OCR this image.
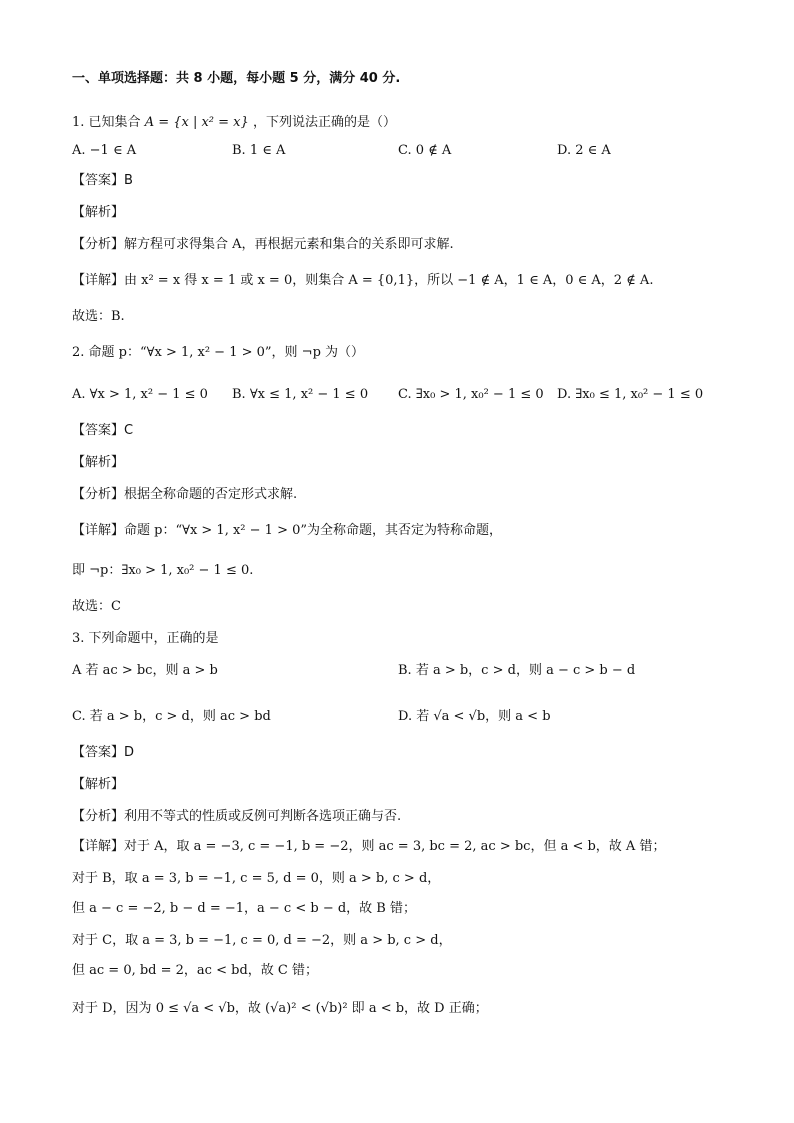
一、单项选择题：共 8 小题，每小题 5 分，满分 40 分.
1. 已知集合 A = {x | x² = x} ，下列说法正确的是（）
A. −1 ∈ A	B. 1 ∈ A	C. 0 ∉ A	D. 2 ∈ A
【答案】B
【解析】
【分析】解方程可求得集合 A，再根据元素和集合的关系即可求解.
【详解】由 x² = x 得 x = 1 或 x = 0，则集合 A = {0,1}，所以 −1 ∉ A，1 ∈ A，0 ∈ A，2 ∉ A.
故选：B.
2. 命题 p：“∀x > 1, x² − 1 > 0”，则 ¬p 为（）
A. ∀x > 1, x² − 1 ≤ 0 B. ∀x ≤ 1, x² − 1 ≤ 0 C. ∃x₀ > 1, x₀² − 1 ≤ 0 D. ∃x₀ ≤ 1, x₀² − 1 ≤ 0
【答案】C
【解析】
【分析】根据全称命题的否定形式求解.
【详解】命题 p：“∀x > 1, x² − 1 > 0”为全称命题，其否定为特称命题，
即 ¬p：∃x₀ > 1, x₀² − 1 ≤ 0.
故选：C
3. 下列命题中，正确的是
A 若 ac > bc，则 a > b	B. 若 a > b，c > d，则 a − c > b − d
C. 若 a > b，c > d，则 ac > bd	D. 若 √a < √b，则 a < b
【答案】D
【解析】
【分析】利用不等式的性质或反例可判断各选项正确与否.
【详解】对于 A，取 a = −3, c = −1, b = −2，则 ac = 3, bc = 2, ac > bc，但 a < b，故 A 错；
对于 B，取 a = 3, b = −1, c = 5, d = 0，则 a > b, c > d，
但 a − c = −2, b − d = −1，a − c < b − d，故 B 错；
对于 C，取 a = 3, b = −1, c = 0, d = −2，则 a > b, c > d，
但 ac = 0, bd = 2，ac < bd，故 C 错；
对于 D，因为 0 ≤ √a < √b，故 (√a)² < (√b)² 即 a < b，故 D 正确；
